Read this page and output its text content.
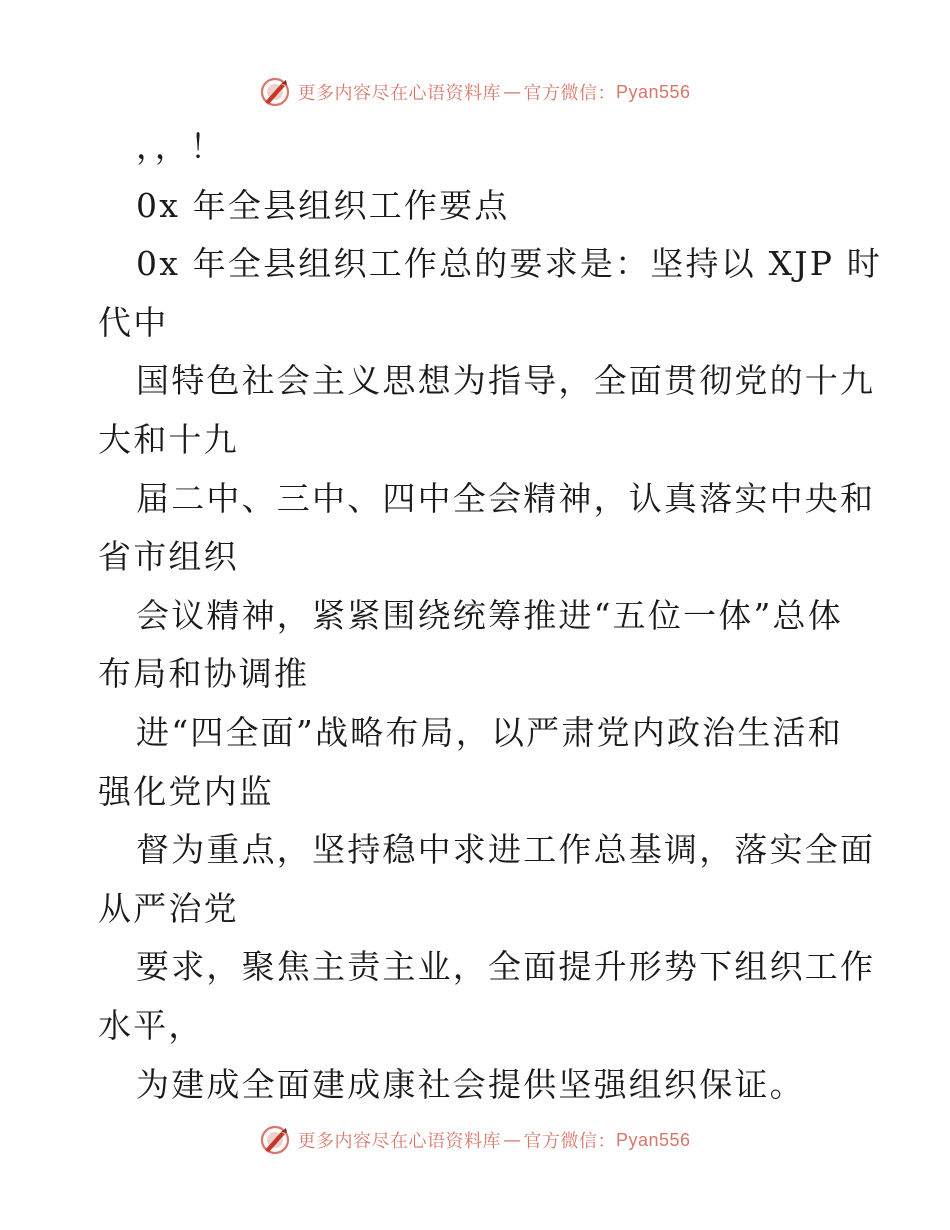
更多内容尽在心语资料库 — 官方微信： Pyan556
，，！
0x 年全县组织工作要点
0x 年全县组织工作总的要求是：坚持以 XJP 时
代中
国特色社会主义思想为指导，全面贯彻党的十九
大和十九
届二中、三中、四中全会精神，认真落实中央和
省市组织
会议精神，紧紧围绕统筹推进“五位一体”总体
布局和协调推
进“四全面”战略布局，以严肃党内政治生活和
强化党内监
督为重点，坚持稳中求进工作总基调，落实全面
从严治党
要求，聚焦主责主业，全面提升形势下组织工作
水平，
为建成全面建成康社会提供坚强组织保证。
更多内容尽在心语资料库 — 官方微信： Pyan556
